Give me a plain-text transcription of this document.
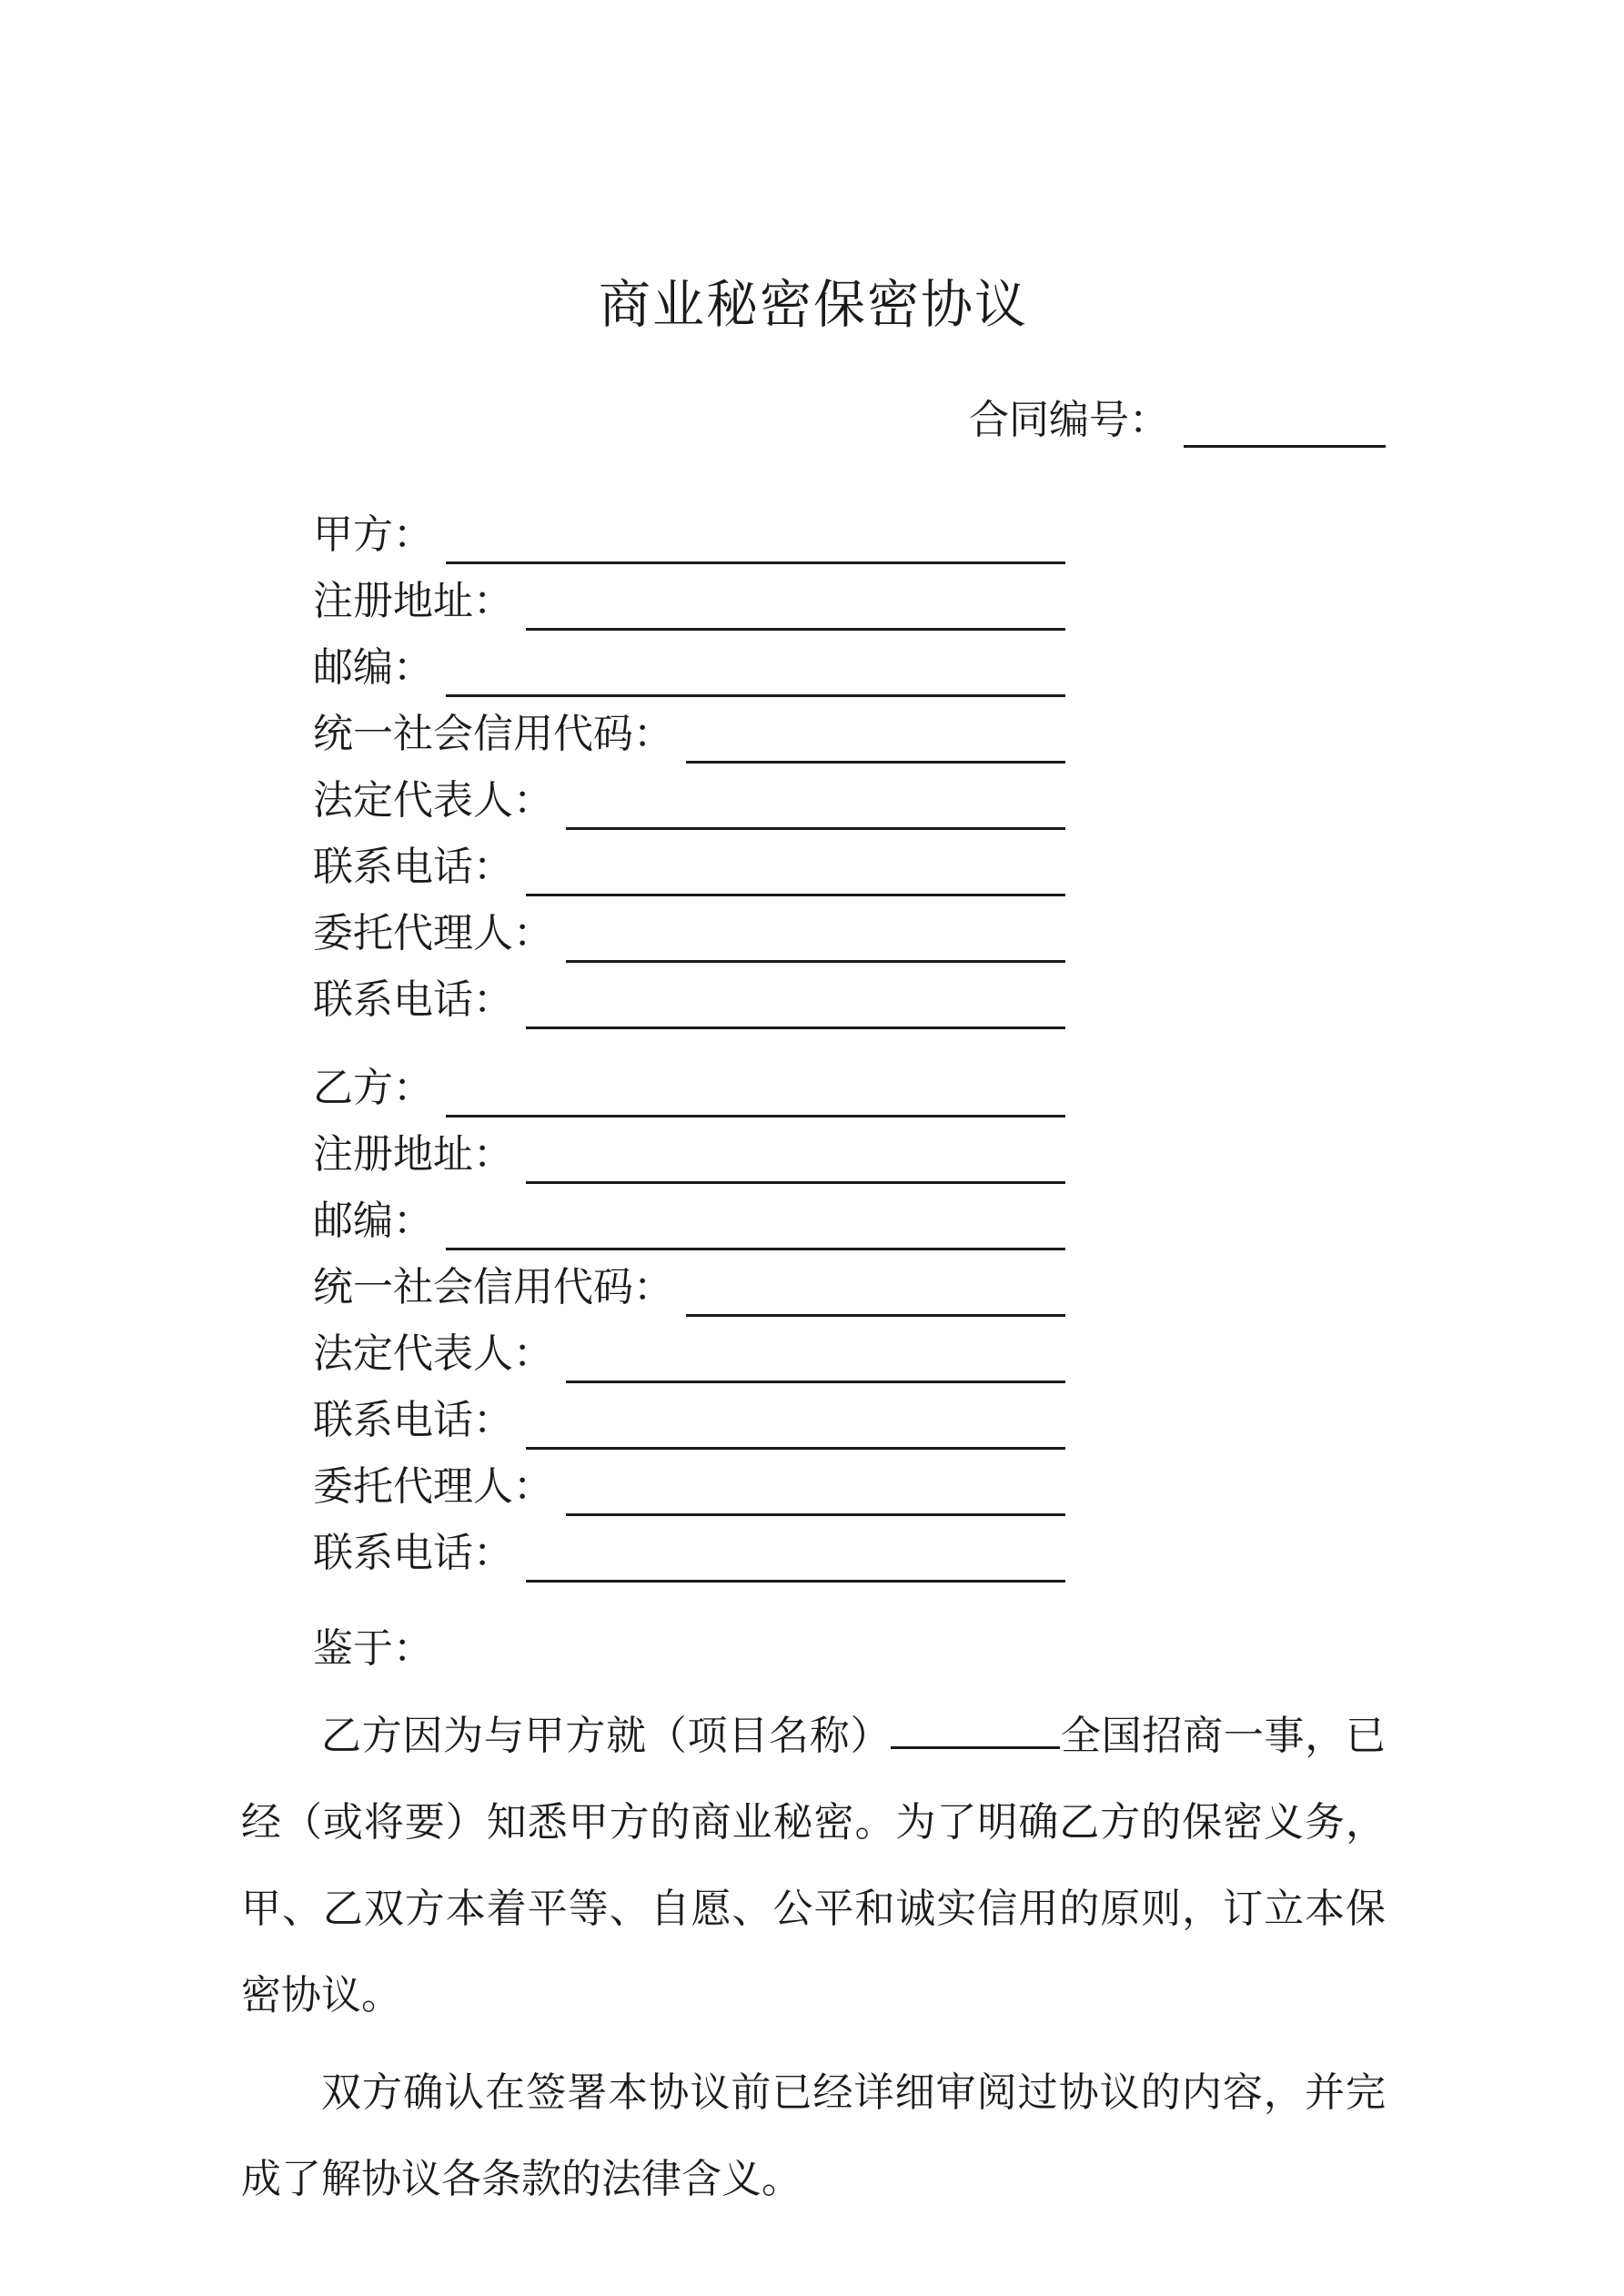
商业秘密保密协议
合同编号：
甲方：
注册地址：
邮编：
统一社会信用代码：
法定代表人：
联系电话：
委托代理人：
联系电话：
乙方：
注册地址：
邮编：
统一社会信用代码：
法定代表人：
联系电话：
委托代理人：
联系电话：
鉴于：

乙方因为与甲方就（项目名称）	全国招商一事，已经（或将要）知悉甲方的商业秘密。为了明确乙方的保密义务，甲、乙双方本着平等、自愿、公平和诚实信用的原则，订立本保密协议。

双方确认在签署本协议前已经详细审阅过协议的内容，并完成了解协议各条款的法律含义。
